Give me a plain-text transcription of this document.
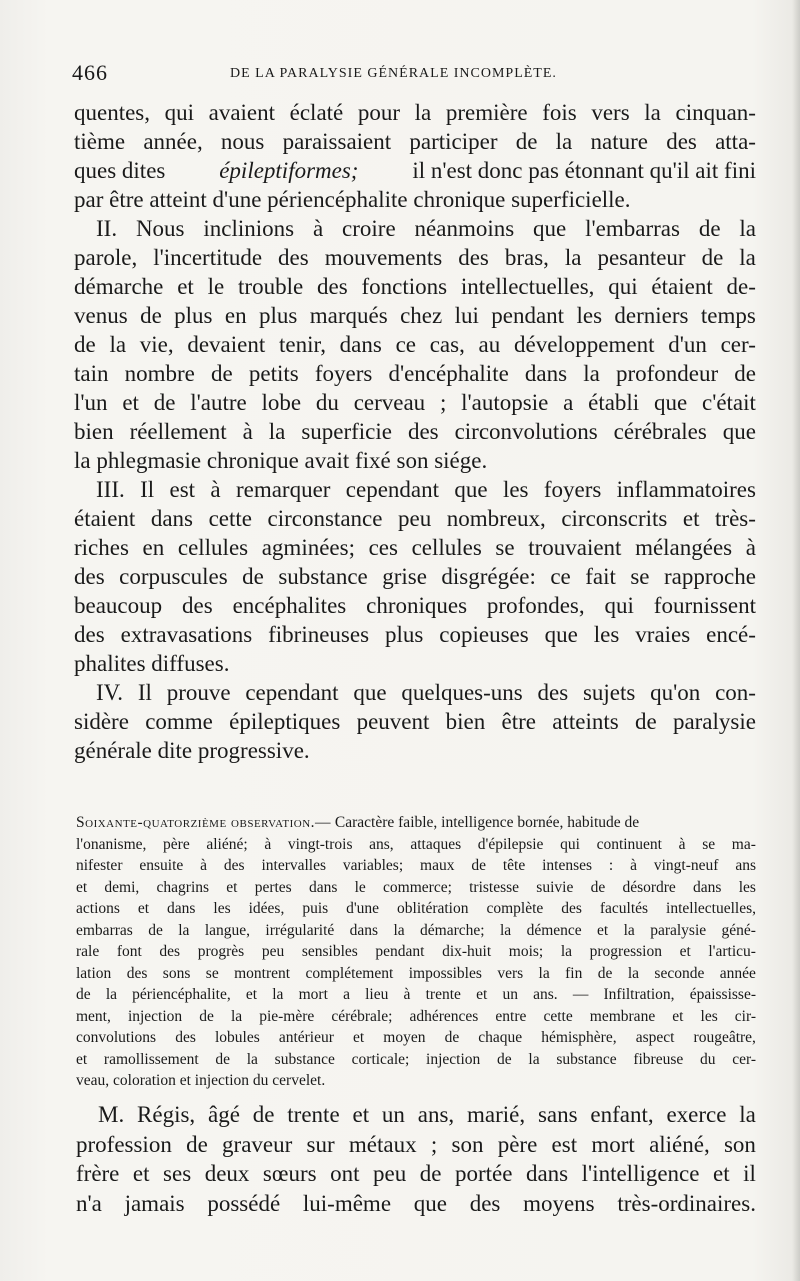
466	DE LA PARALYSIE GÉNÉRALE INCOMPLÈTE.
quentes, qui avaient éclaté pour la première fois vers la cinquan-
tième année, nous paraissaient participer de la nature des atta-
ques dites épileptiformes; il n'est donc pas étonnant qu'il ait fini
par être atteint d'une périencéphalite chronique superficielle.
II. Nous inclinions à croire néanmoins que l'embarras de la
parole, l'incertitude des mouvements des bras, la pesanteur de la
démarche et le trouble des fonctions intellectuelles, qui étaient de-
venus de plus en plus marqués chez lui pendant les derniers temps
de la vie, devaient tenir, dans ce cas, au développement d'un cer-
tain nombre de petits foyers d'encéphalite dans la profondeur de
l'un et de l'autre lobe du cerveau ; l'autopsie a établi que c'était
bien réellement à la superficie des circonvolutions cérébrales que
la phlegmasie chronique avait fixé son siége.
III. Il est à remarquer cependant que les foyers inflammatoires
étaient dans cette circonstance peu nombreux, circonscrits et très-
riches en cellules agminées; ces cellules se trouvaient mélangées à
des corpuscules de substance grise disgrégée: ce fait se rapproche
beaucoup des encéphalites chroniques profondes, qui fournissent
des extravasations fibrineuses plus copieuses que les vraies encé-
phalites diffuses.
IV. Il prouve cependant que quelques-uns des sujets qu'on con-
sidère comme épileptiques peuvent bien être atteints de paralysie
générale dite progressive.
Soixante-quatorzième observation.— Caractère faible, intelligence bornée, habitude de
l'onanisme, père aliéné; à vingt-trois ans, attaques d'épilepsie qui continuent à se ma-
nifester ensuite à des intervalles variables; maux de tête intenses : à vingt-neuf ans
et demi, chagrins et pertes dans le commerce; tristesse suivie de désordre dans les
actions et dans les idées, puis d'une oblitération complète des facultés intellectuelles,
embarras de la langue, irrégularité dans la démarche; la démence et la paralysie géné-
rale font des progrès peu sensibles pendant dix-huit mois; la progression et l'articu-
lation des sons se montrent complétement impossibles vers la fin de la seconde année
de la périencéphalite, et la mort a lieu à trente et un ans. — Infiltration, épaississe-
ment, injection de la pie-mère cérébrale; adhérences entre cette membrane et les cir-
convolutions des lobules antérieur et moyen de chaque hémisphère, aspect rougeâtre,
et ramollissement de la substance corticale; injection de la substance fibreuse du cer-
veau, coloration et injection du cervelet.
M. Régis, âgé de trente et un ans, marié, sans enfant, exerce la
profession de graveur sur métaux ; son père est mort aliéné, son
frère et ses deux sœurs ont peu de portée dans l'intelligence et il
n'a jamais possédé lui-même que des moyens très-ordinaires.
